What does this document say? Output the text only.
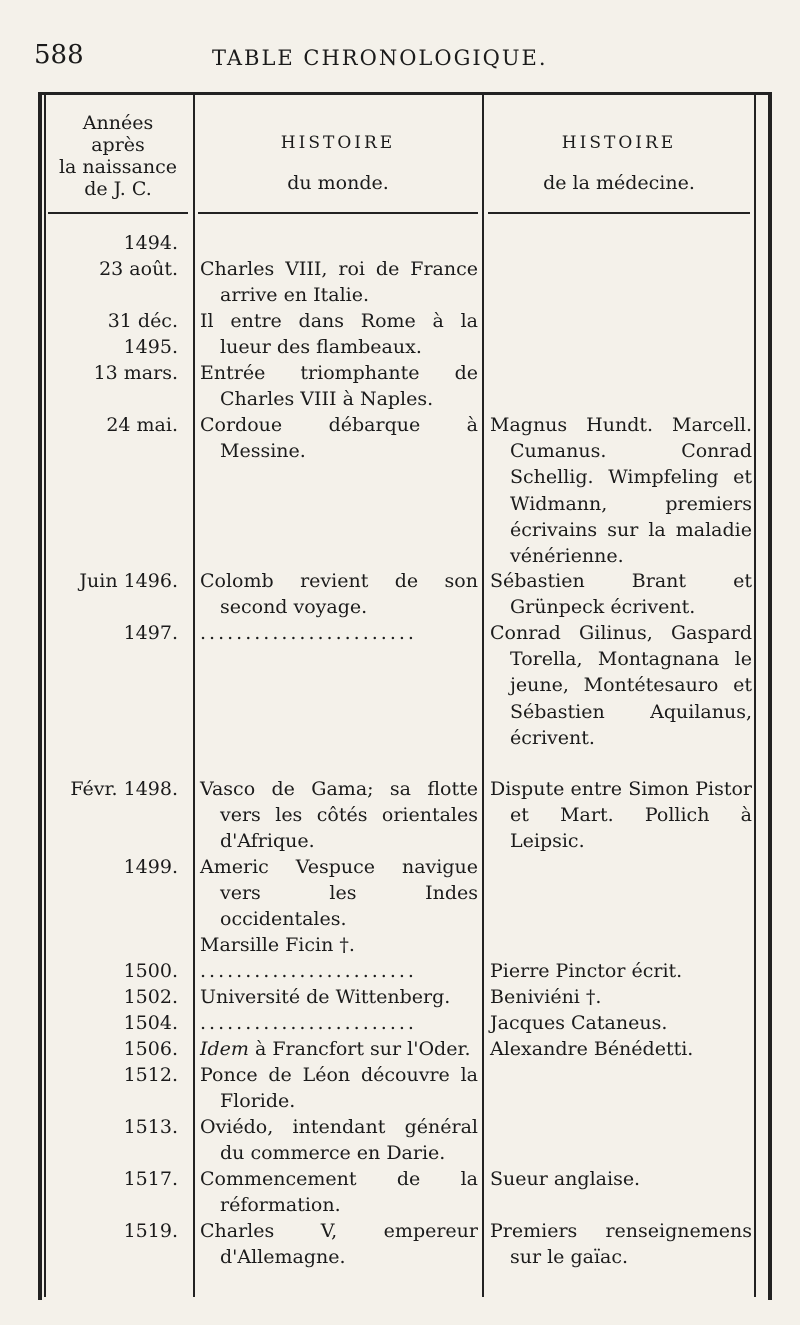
588	TABLE CHRONOLOGIQUE.
Années
après
la naissance
de J. C.
HISTOIRE
du monde.
HISTOIRE
de la médecine.
1494.
23 août.
31 déc.
1495.
13 mars.
24 mai.
Juin 1496.
1497.
Févr. 1498.
1499.
1500.
1502.
1504.
1506.
1512.
1513.
1517.
1519.
Charles VIII, roi de France arrive en Italie.
Il entre dans Rome à la lueur des flambeaux.
Entrée triomphante de Charles VIII à Naples.
Cordoue débarque à Messine.
Colomb revient de son second voyage.
........................
Vasco de Gama; sa flotte vers les côtés orientales d'Afrique.
Americ Vespuce navigue vers les Indes occidentales.
Marsille Ficin †.
........................
Université de Wittenberg.
........................
Idem à Francfort sur l'Oder.
Ponce de Léon découvre la Floride.
Oviédo, intendant général du commerce en Darie.
Commencement de la réformation.
Charles V, empereur d'Allemagne.
Magnus Hundt. Marcell. Cumanus. Conrad Schellig. Wimpfeling et Widmann, premiers écrivains sur la maladie vénérienne.
Sébastien Brant et Grünpeck écrivent.
Conrad Gilinus, Gaspard Torella, Montagnana le jeune, Montétesauro et Sébastien Aquilanus, écrivent.
Dispute entre Simon Pistor et Mart. Pollich à Leipsic.
Pierre Pinctor écrit.
Beniviéni †.
Jacques Cataneus.
Alexandre Bénédetti.
Sueur anglaise.
Premiers renseignemens sur le gaïac.
